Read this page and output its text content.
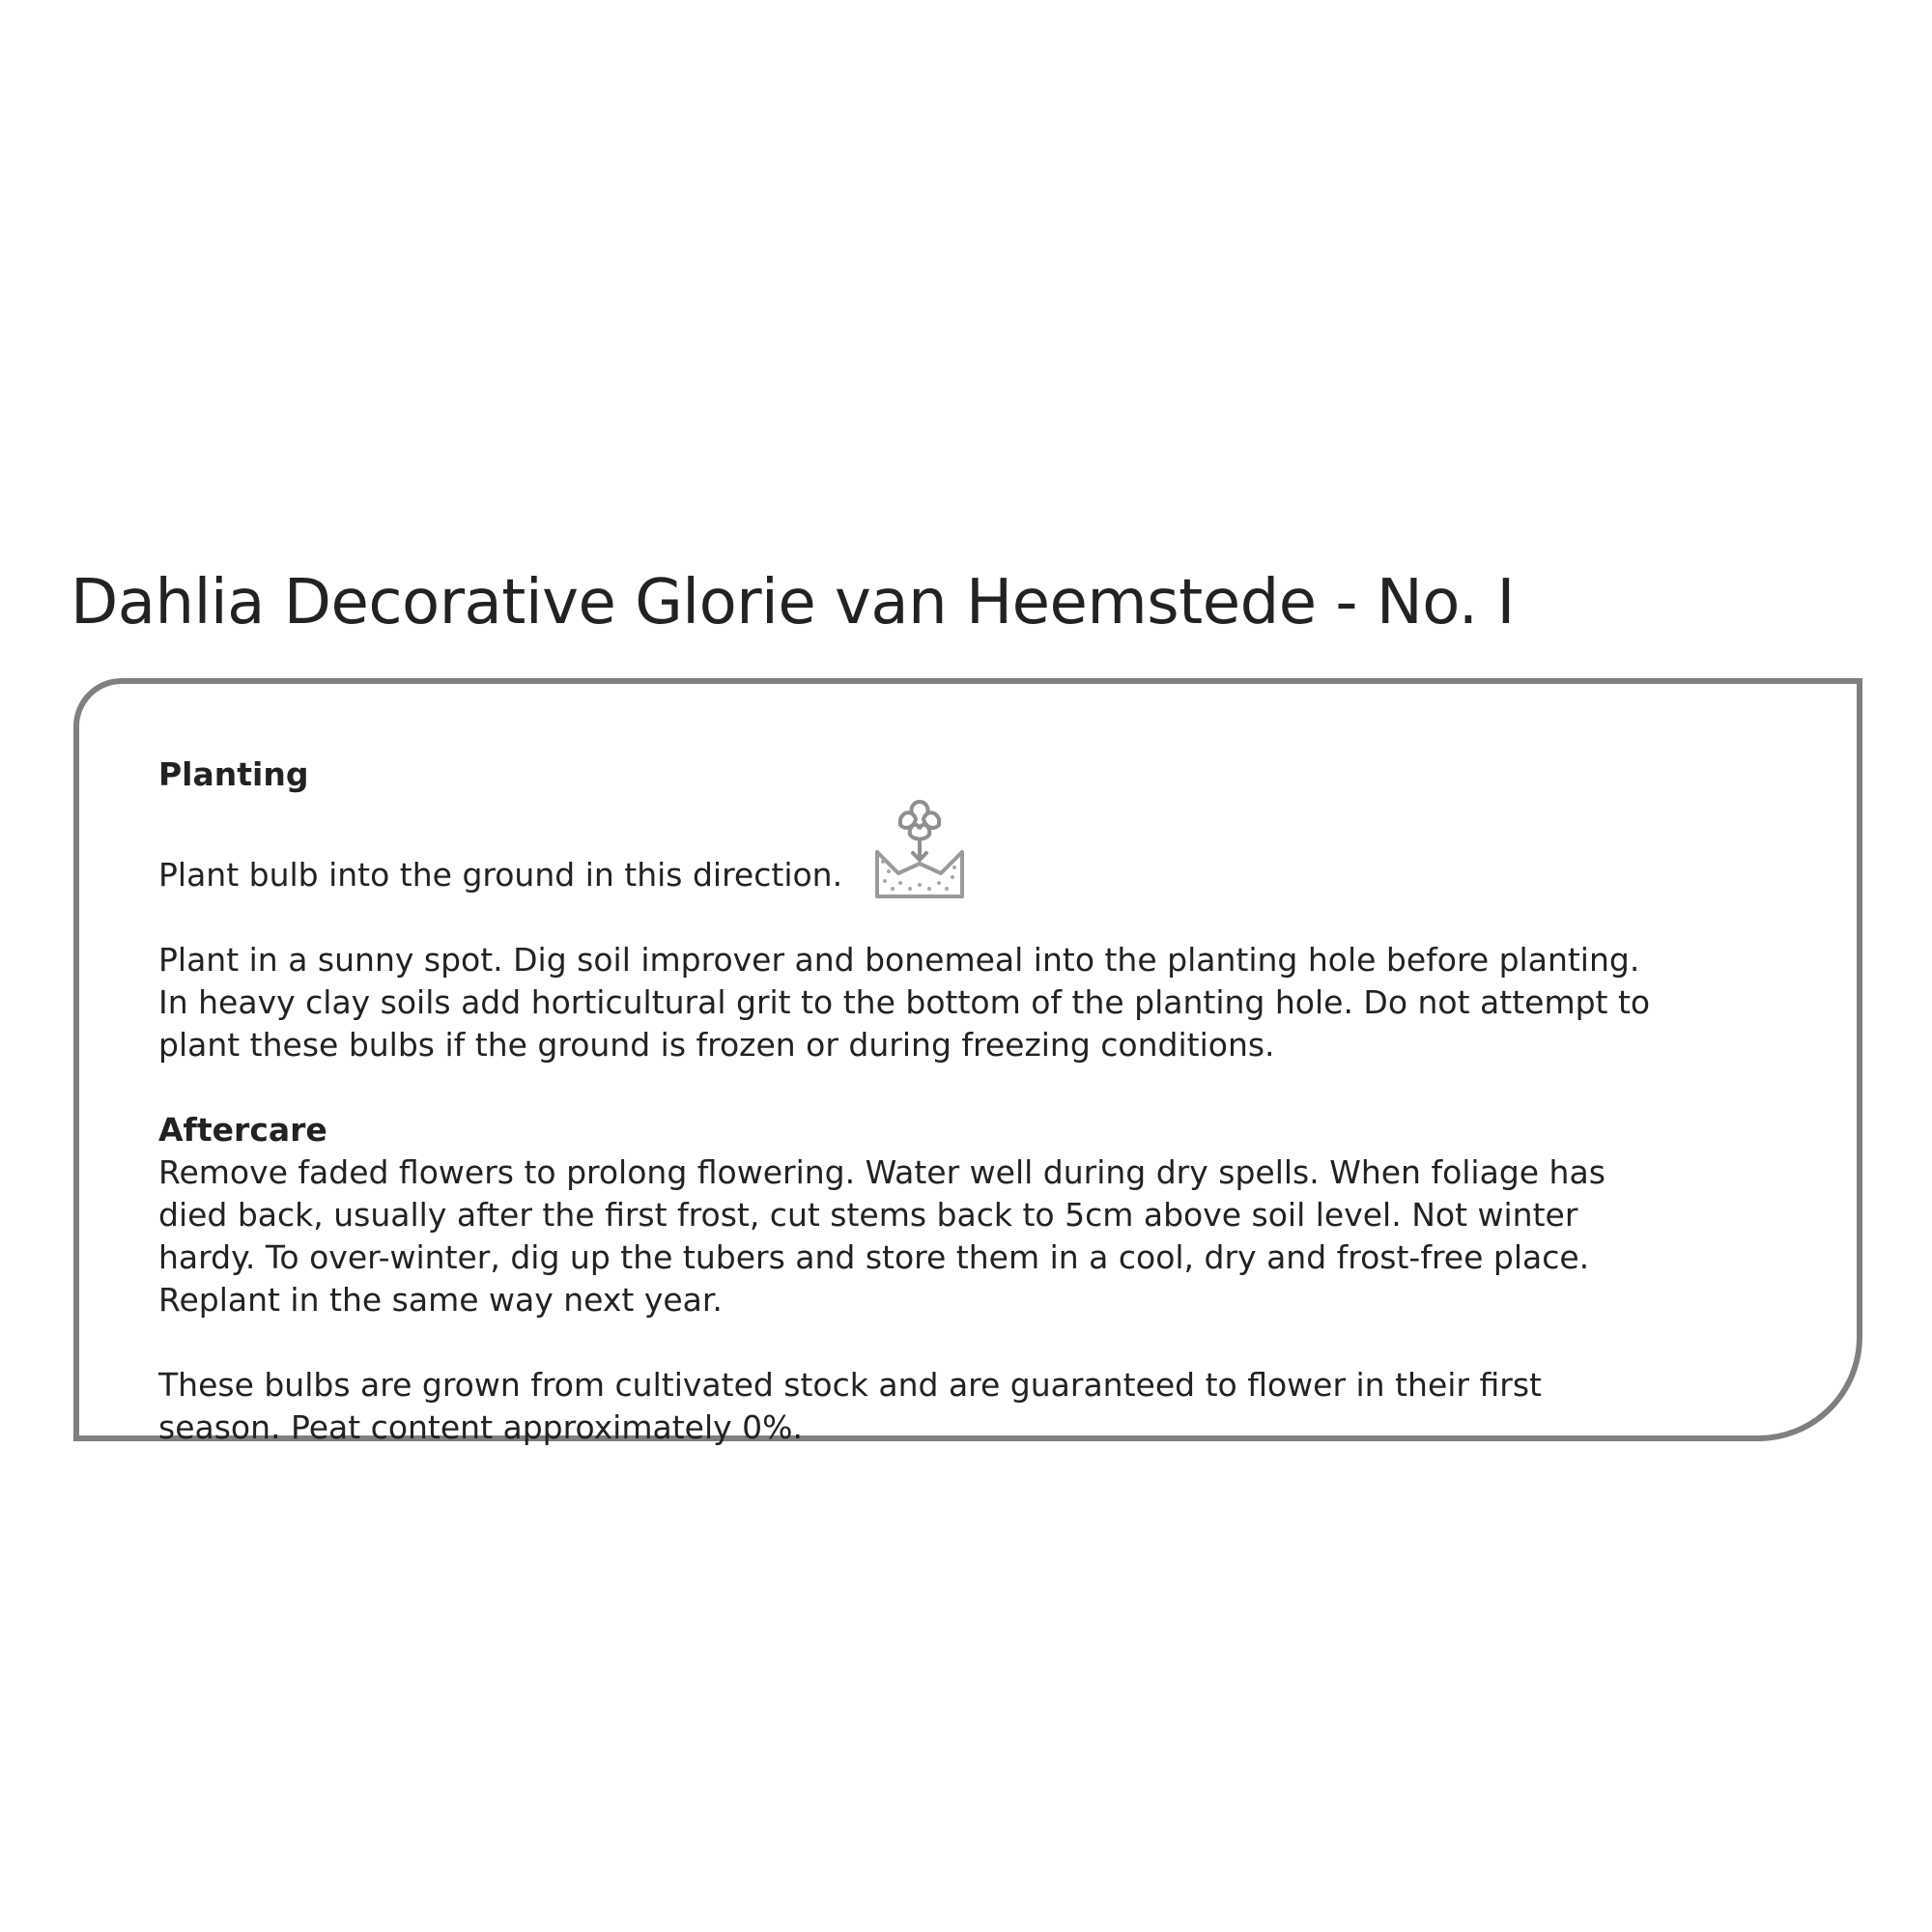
Dahlia Decorative Glorie van Heemstede - No. I

Planting

Plant bulb into the ground in this direction.

Plant in a sunny spot. Dig soil improver and bonemeal into the planting hole before planting.
In heavy clay soils add horticultural grit to the bottom of the planting hole. Do not attempt to
plant these bulbs if the ground is frozen or during freezing conditions.

Aftercare

Remove faded flowers to prolong flowering. Water well during dry spells. When foliage has
died back, usually after the first frost, cut stems back to 5cm above soil level. Not winter
hardy. To over-winter, dig up the tubers and store them in a cool, dry and frost-free place.
Replant in the same way next year.

These bulbs are grown from cultivated stock and are guaranteed to flower in their first
season. Peat content approximately 0%.
